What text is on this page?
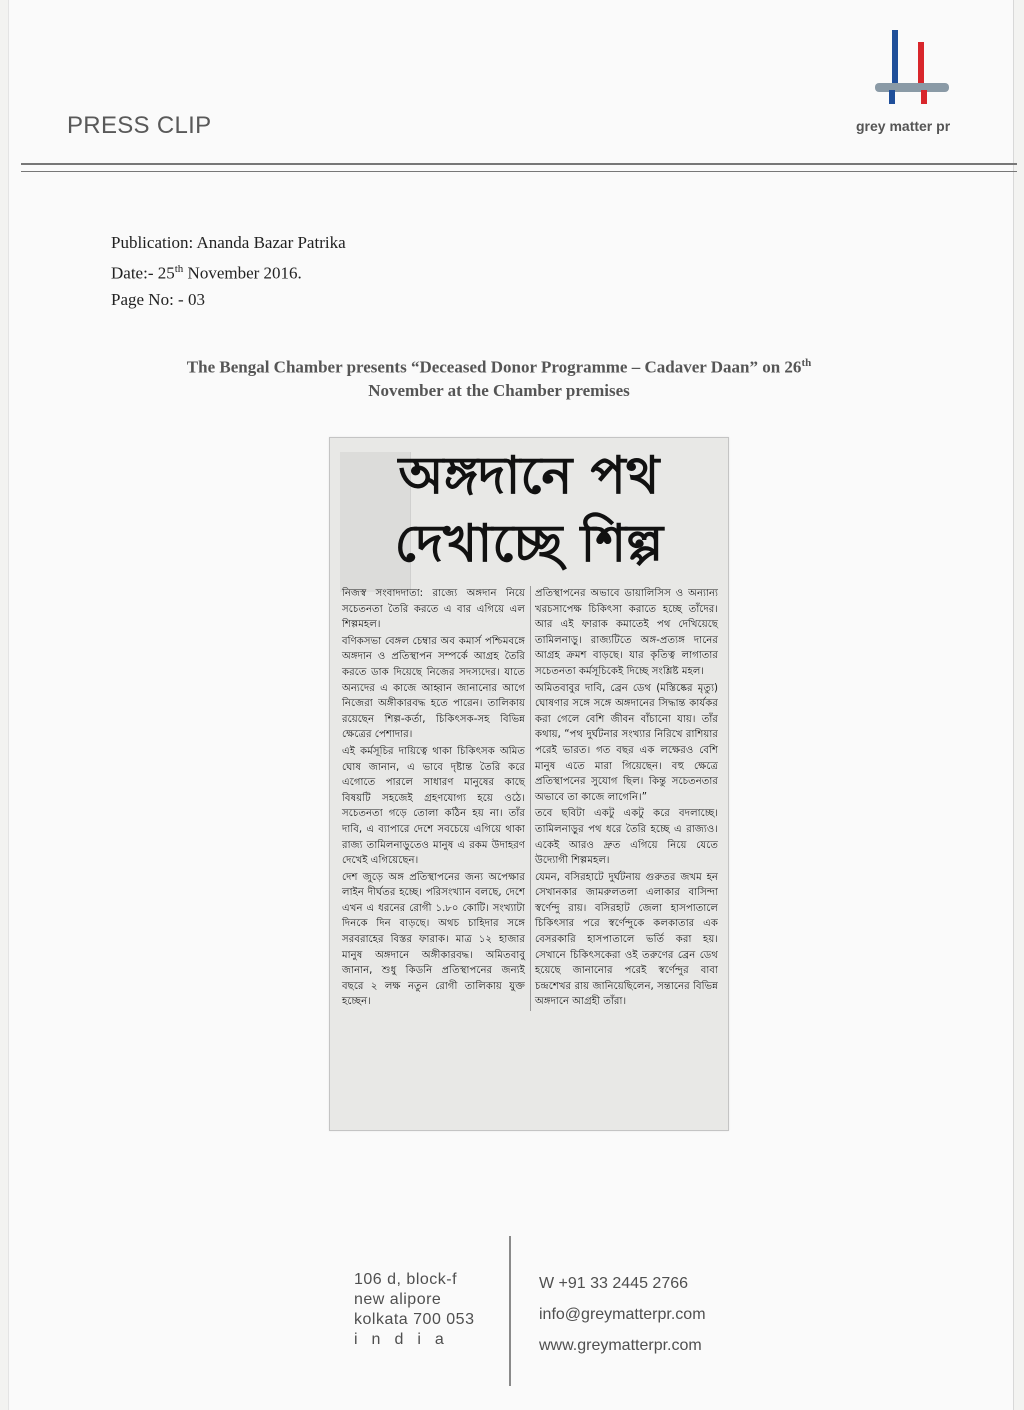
PRESS CLIP	grey matter pr
Publication: Ananda Bazar Patrika
Date:- 25th November 2016.
Page No: - 03
The Bengal Chamber presents “Deceased Donor Programme – Cadaver Daan” on 26th
November at the Chamber premises
অঙ্গদানে পথ
দেখাচ্ছে শিল্প

নিজস্ব সংবাদদাতা: রাজ্যে অঙ্গদান নিয়ে সচেতনতা তৈরি করতে এ বার এগিয়ে এল শিল্পমহল।

বণিকসভা বেঙ্গল চেম্বার অব কমার্স পশ্চিমবঙ্গে অঙ্গদান ও প্রতিস্থাপন সম্পর্কে আগ্রহ তৈরি করতে ডাক দিয়েছে নিজের সদস্যদের। যাতে অন্যদের এ কাজে আহ্বান জানানোর আগে নিজেরা অঙ্গীকারবদ্ধ হতে পারেন। তালিকায় রয়েছেন শিল্প-কর্তা, চিকিৎসক-সহ বিভিন্ন ক্ষেত্রের পেশাদার।

এই কর্মসূচির দায়িত্বে থাকা চিকিৎসক অমিত ঘোষ জানান, এ ভাবে দৃষ্টান্ত তৈরি করে এগোতে পারলে সাধারণ মানুষের কাছে বিষয়টি সহজেই গ্রহণযোগ্য হয়ে ওঠে। সচেতনতা গড়ে তোলা কঠিন হয় না। তাঁর দাবি, এ ব্যাপারে দেশে সবচেয়ে এগিয়ে থাকা রাজ্য তামিলনাড়ুতেও মানুষ এ রকম উদাহরণ দেখেই এগিয়েছেন।

দেশ জুড়ে অঙ্গ প্রতিস্থাপনের জন্য অপেক্ষার লাইন দীর্ঘতর হচ্ছে। পরিসংখ্যান বলছে, দেশে এখন এ ধরনের রোগী ১.৮০ কোটি। সংখ্যাটা দিনকে দিন বাড়ছে। অথচ চাহিদার সঙ্গে সরবরাহের বিস্তর ফারাক। মাত্র ১২ হাজার মানুষ অঙ্গদানে অঙ্গীকারবদ্ধ। অমিতবাবু জানান, শুধু কিডনি প্রতিস্থাপনের জন্যই বছরে ২ লক্ষ নতুন রোগী তালিকায় যুক্ত হচ্ছেন।

প্রতিস্থাপনের অভাবে ডায়ালিসিস ও অন্যান্য খরচসাপেক্ষ চিকিৎসা করাতে হচ্ছে তাঁদের। আর এই ফারাক কমাতেই পথ দেখিয়েছে তামিলনাড়ু। রাজ্যটিতে অঙ্গ-প্রত্যঙ্গ দানের আগ্রহ ক্রমশ বাড়ছে। যার কৃতিত্ব লাগাতার সচেতনতা কর্মসূচিকেই দিচ্ছে সংশ্লিষ্ট মহল।

অমিতবাবুর দাবি, ব্রেন ডেথ (মস্তিষ্কের মৃত্যু) ঘোষণার সঙ্গে সঙ্গে অঙ্গদানের সিদ্ধান্ত কার্যকর করা গেলে বেশি জীবন বাঁচানো যায়। তাঁর কথায়, “পথ দুর্ঘটনার সংখ্যার নিরিখে রাশিয়ার পরেই ভারত। গত বছর এক লক্ষেরও বেশি মানুষ এতে মারা গিয়েছেন। বহু ক্ষেত্রে প্রতিস্থাপনের সুযোগ ছিল। কিন্তু সচেতনতার অভাবে তা কাজে লাগেনি।”

তবে ছবিটা একটু একটু করে বদলাচ্ছে। তামিলনাড়ুর পথ ধরে তৈরি হচ্ছে এ রাজ্যও। একেই আরও দ্রুত এগিয়ে নিয়ে যেতে উদ্যোগী শিল্পমহল।

যেমন, বসিরহাটে দুর্ঘটনায় গুরুতর জখম হন সেখানকার জামরুলতলা এলাকার বাসিন্দা স্বর্ণেন্দু রায়। বসিরহাট জেলা হাসপাতালে চিকিৎসার পরে স্বর্ণেন্দুকে কলকাতার এক বেসরকারি হাসপাতালে ভর্তি করা হয়। সেখানে চিকিৎসকেরা ওই তরুণের ব্রেন ডেথ হয়েছে জানানোর পরেই স্বর্ণেন্দুর বাবা চন্দ্রশেখর রায় জানিয়েছিলেন, সন্তানের বিভিন্ন অঙ্গদানে আগ্রহী তাঁরা।

106 d, block-f
new alipore
kolkata 700 053
india
W +91 33 2445 2766
info@greymatterpr.com
www.greymatterpr.com
